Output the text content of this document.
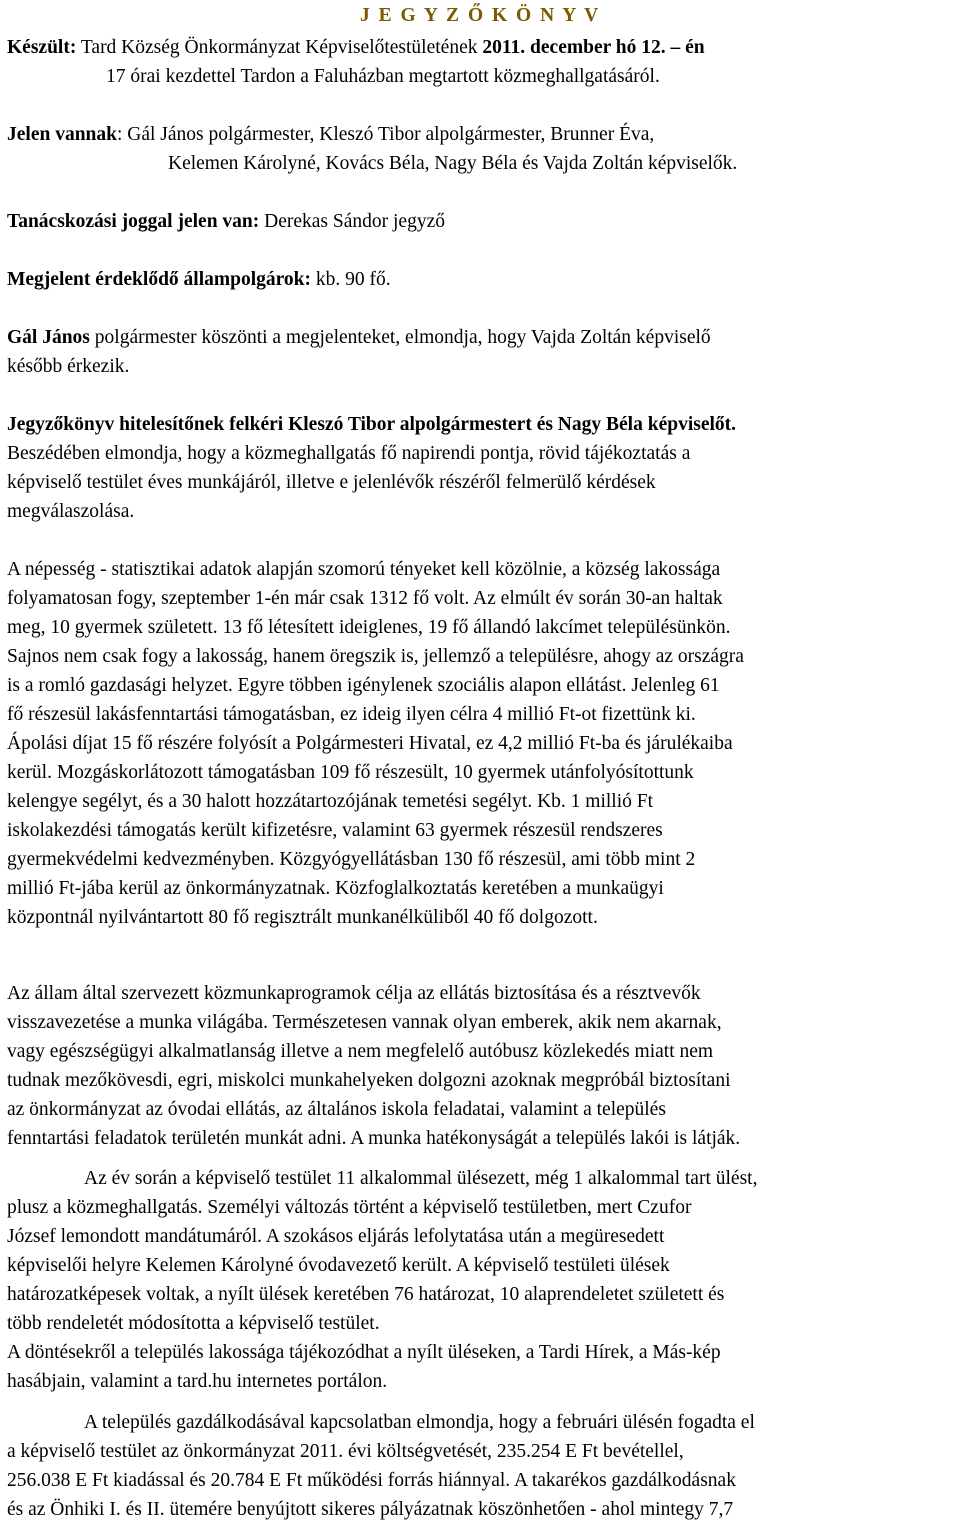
J E G Y Z Ő K Ö N Y V
Készült: Tard Község Önkormányzat Képviselőtestületének 2011. december hó 12. – én
17 órai kezdettel Tardon a Faluházban megtartott közmeghallgatásáról.
Jelen vannak: Gál János polgármester, Kleszó Tibor alpolgármester, Brunner Éva,
Kelemen Károlyné, Kovács Béla, Nagy Béla és Vajda Zoltán képviselők.
Tanácskozási joggal jelen van: Derekas Sándor jegyző
Megjelent érdeklődő állampolgárok: kb. 90 fő.
Gál János polgármester köszönti a megjelenteket, elmondja, hogy Vajda Zoltán képviselő
később érkezik.
Jegyzőkönyv hitelesítőnek felkéri Kleszó Tibor alpolgármestert és Nagy Béla képviselőt.
Beszédében elmondja, hogy a közmeghallgatás fő napirendi pontja, rövid tájékoztatás a
képviselő testület éves munkájáról, illetve e jelenlévők részéről felmerülő kérdések
megválaszolása.
A népesség - statisztikai adatok alapján szomorú tényeket kell közölnie, a község lakossága
folyamatosan fogy, szeptember 1-én már csak 1312 fő volt. Az elmúlt év során 30-an haltak
meg, 10 gyermek született. 13 fő létesített ideiglenes, 19 fő állandó lakcímet településünkön.
Sajnos nem csak fogy a lakosság, hanem öregszik is, jellemző a településre, ahogy az országra
is a romló gazdasági helyzet. Egyre többen igénylenek szociális alapon ellátást. Jelenleg 61
fő részesül lakásfenntartási támogatásban, ez ideig ilyen célra 4 millió Ft-ot fizettünk ki.
Ápolási díjat 15 fő részére folyósít a Polgármesteri Hivatal, ez 4,2 millió Ft-ba és járulékaiba
kerül. Mozgáskorlátozott támogatásban 109 fő részesült, 10 gyermek utánfolyósítottunk
kelengye segélyt, és a 30 halott hozzátartozójának temetési segélyt. Kb. 1 millió Ft
iskolakezdési támogatás került kifizetésre, valamint 63 gyermek részesül rendszeres
gyermekvédelmi kedvezményben. Közgyógyellátásban 130 fő részesül, ami több mint 2
millió Ft-jába kerül az önkormányzatnak. Közfoglalkoztatás keretében a munkaügyi
központnál nyilvántartott 80 fő regisztrált munkanélküliből 40 fő dolgozott.
Az állam által szervezett közmunkaprogramok célja az ellátás biztosítása és a résztvevők
visszavezetése a munka világába. Természetesen vannak olyan emberek, akik nem akarnak,
vagy egészségügyi alkalmatlanság illetve a nem megfelelő autóbusz közlekedés miatt nem
tudnak mezőkövesdi, egri, miskolci munkahelyeken dolgozni azoknak megpróbál biztosítani
az önkormányzat az óvodai ellátás, az általános iskola feladatai, valamint a település
fenntartási feladatok területén munkát adni. A munka hatékonyságát a település lakói is látják.
Az év során a képviselő testület 11 alkalommal ülésezett, még 1 alkalommal tart ülést,
plusz a közmeghallgatás. Személyi változás történt a képviselő testületben, mert Czufor
József lemondott mandátumáról. A szokásos eljárás lefolytatása után a megüresedett
képviselői helyre Kelemen Károlyné óvodavezető került. A képviselő testületi ülések
határozatképesek voltak, a nyílt ülések keretében 76 határozat, 10 alaprendeletet született és
több rendeletét módosította a képviselő testület.
A döntésekről a település lakossága tájékozódhat a nyílt üléseken, a Tardi Hírek, a Más-kép
hasábjain, valamint a tard.hu internetes portálon.
A település gazdálkodásával kapcsolatban elmondja, hogy a februári ülésén fogadta el
a képviselő testület az önkormányzat 2011. évi költségvetését, 235.254 E Ft bevétellel,
256.038 E Ft kiadással és 20.784 E Ft működési forrás hiánnyal. A takarékos gazdálkodásnak
és az Önhiki I. és II. ütemére benyújtott sikeres pályázatnak köszönhetően - ahol mintegy 7,7
